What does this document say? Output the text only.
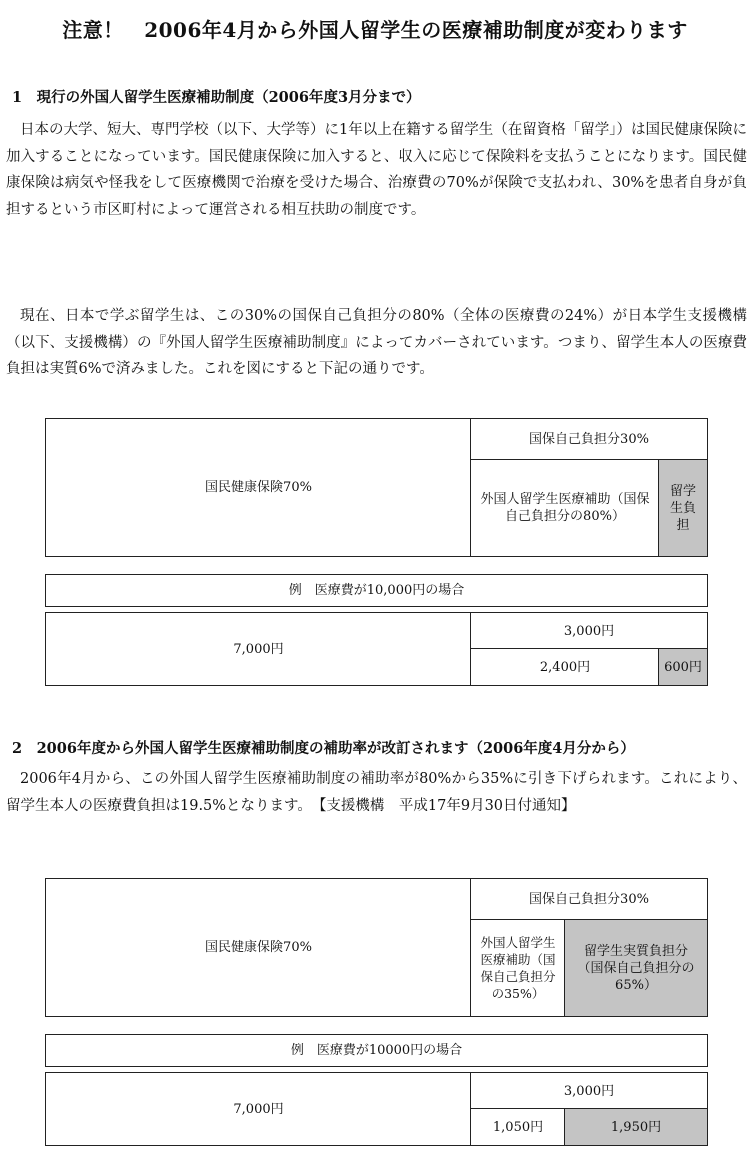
注意！　2006年4月から外国人留学生の医療補助制度が変わります
1　現行の外国人留学生医療補助制度（2006年度3月分まで）

日本の大学、短大、専門学校（以下、大学等）に1年以上在籍する留学生（在留資格「留学」）は国民健康保険に加入することになっています。国民健康保険に加入すると、収入に応じて保険料を支払うことになります。国民健康保険は病気や怪我をして医療機関で治療を受けた場合、治療費の70%が保険で支払われ、30%を患者自身が負担するという市区町村によって運営される相互扶助の制度です。

現在、日本で学ぶ留学生は、この30%の国保自己負担分の80%（全体の医療費の24%）が日本学生支援機構（以下、支援機構）の『外国人留学生医療補助制度』によってカバーされています。つまり、留学生本人の医療費負担は実質6%で済みました。これを図にすると下記の通りです。

国民健康保険70%
国保自己負担分30%
外国人留学生医療補助（国保自己負担分の80%）
留学生負担
例　医療費が10,000円の場合
7,000円
3,000円
2,400円	600円
2　2006年度から外国人留学生医療補助制度の補助率が改訂されます（2006年度4月分から）

2006年4月から、この外国人留学生医療補助制度の補助率が80%から35%に引き下げられます。これにより、留学生本人の医療費負担は19.5%となります。　【支援機構　平成17年9月30日付通知】

国民健康保険70%
国保自己負担分30%
外国人留学生医療補助（国保自己負担分の35%）
留学生実質負担分（国保自己負担分の65%）
例　医療費が10000円の場合
7,000円
3,000円
1,050円	1,950円
